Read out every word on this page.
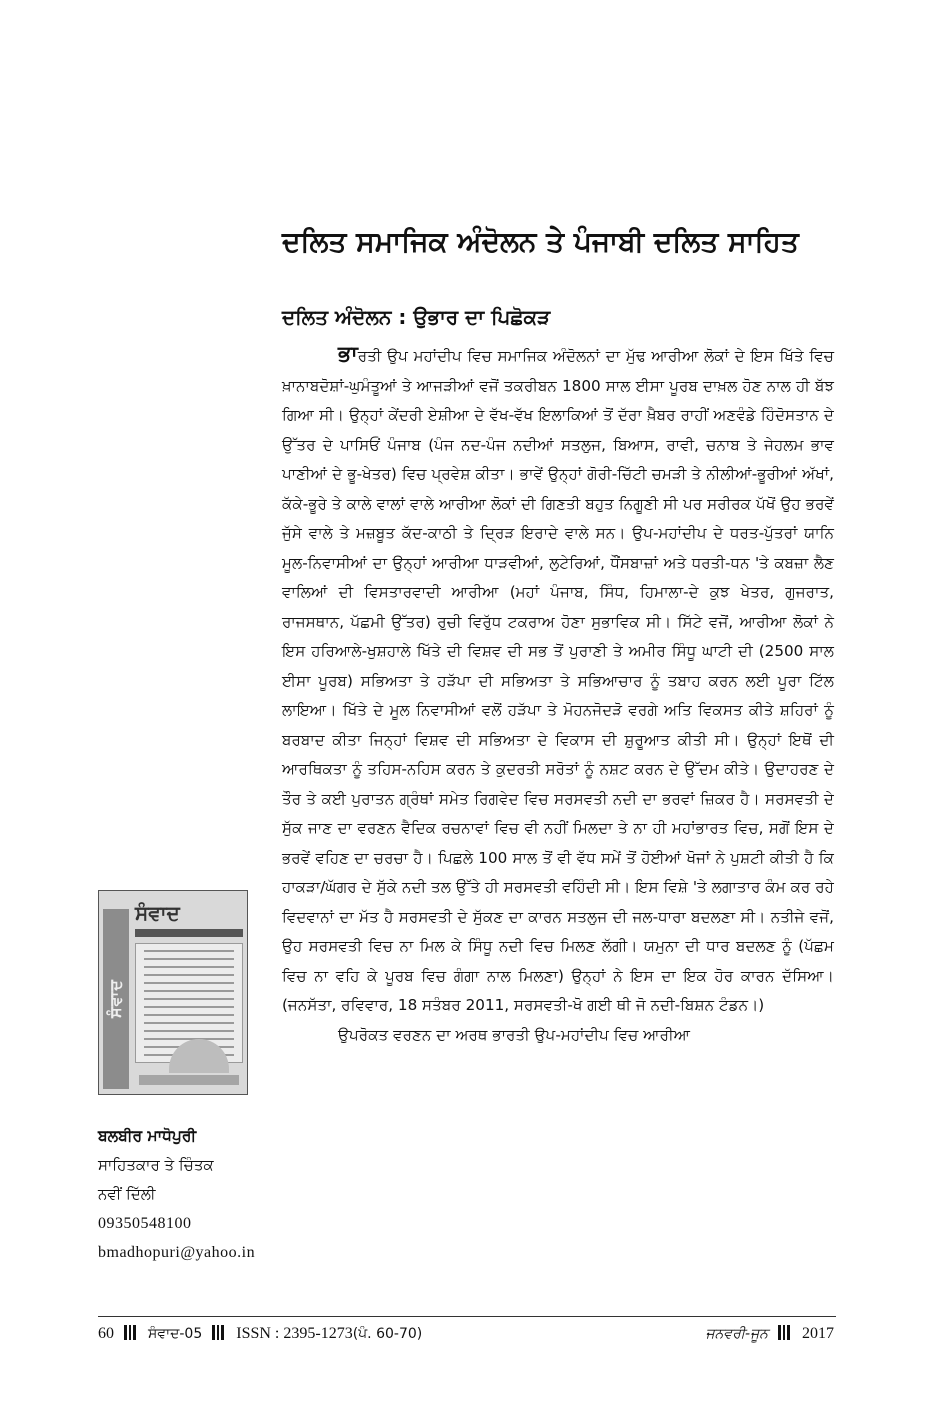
ਦਲਿਤ ਸਮਾਜਿਕ ਅੰਦੋਲਨ ਤੇ ਪੰਜਾਬੀ ਦਲਿਤ ਸਾਹਿਤ
ਦਲਿਤ ਅੰਦੋਲਨ : ਉਭਾਰ ਦਾ ਪਿਛੋਕੜ

ਭਾਰਤੀ ਉਪ ਮਹਾਂਦੀਪ ਵਿਚ ਸਮਾਜਿਕ ਅੰਦੋਲਨਾਂ ਦਾ ਮੁੱਢ ਆਰੀਆ ਲੋਕਾਂ ਦੇ ਇਸ ਖਿੱਤੇ ਵਿਚ ਖ਼ਾਨਾਬਦੋਸ਼ਾਂ-ਘੁਮੰਤੂਆਂ ਤੇ ਆਜੜੀਆਂ ਵਜੋਂ ਤਕਰੀਬਨ 1800 ਸਾਲ ਈਸਾ ਪੂਰਬ ਦਾਖ਼ਲ ਹੋਣ ਨਾਲ ਹੀ ਬੱਝ ਗਿਆ ਸੀ। ਉਨ੍ਹਾਂ ਕੇਂਦਰੀ ਏਸ਼ੀਆ ਦੇ ਵੱਖ-ਵੱਖ ਇਲਾਕਿਆਂ ਤੋਂ ਦੱਰਾ ਖ਼ੈਬਰ ਰਾਹੀਂ ਅਣਵੰਡੇ ਹਿੰਦੋਸਤਾਨ ਦੇ ਉੱਤਰ ਦੇ ਪਾਸਿਓਂ ਪੰਜਾਬ (ਪੰਜ ਨਦ-ਪੰਜ ਨਦੀਆਂ ਸਤਲੁਜ, ਬਿਆਸ, ਰਾਵੀ, ਚਨਾਬ ਤੇ ਜੇਹਲਮ ਭਾਵ ਪਾਣੀਆਂ ਦੇ ਭੂ-ਖੇਤਰ) ਵਿਚ ਪ੍ਰਵੇਸ਼ ਕੀਤਾ। ਭਾਵੇਂ ਉਨ੍ਹਾਂ ਗੋਰੀ-ਚਿੱਟੀ ਚਮੜੀ ਤੇ ਨੀਲੀਆਂ-ਭੂਰੀਆਂ ਅੱਖਾਂ, ਕੱਕੇ-ਭੂਰੇ ਤੇ ਕਾਲੇ ਵਾਲਾਂ ਵਾਲੇ ਆਰੀਆ ਲੋਕਾਂ ਦੀ ਗਿਣਤੀ ਬਹੁਤ ਨਿਗੂਣੀ ਸੀ ਪਰ ਸਰੀਰਕ ਪੱਖੋਂ ਉਹ ਭਰਵੇਂ ਜੁੱਸੇ ਵਾਲੇ ਤੇ ਮਜ਼ਬੂਤ ਕੱਦ-ਕਾਠੀ ਤੇ ਦ੍ਰਿੜ ਇਰਾਦੇ ਵਾਲੇ ਸਨ। ਉਪ-ਮਹਾਂਦੀਪ ਦੇ ਧਰਤ-ਪੁੱਤਰਾਂ ਯਾਨਿ ਮੂਲ-ਨਿਵਾਸੀਆਂ ਦਾ ਉਨ੍ਹਾਂ ਆਰੀਆ ਧਾੜਵੀਆਂ, ਲੁਟੇਰਿਆਂ, ਧੌਂਸਬਾਜ਼ਾਂ ਅਤੇ ਧਰਤੀ-ਧਨ 'ਤੇ ਕਬਜ਼ਾ ਲੈਣ ਵਾਲਿਆਂ ਦੀ ਵਿਸਤਾਰਵਾਦੀ ਆਰੀਆ (ਮਹਾਂ ਪੰਜਾਬ, ਸਿੰਧ, ਹਿਮਾਲਾ-ਦੇ ਕੁਝ ਖੇਤਰ, ਗੁਜਰਾਤ, ਰਾਜਸਥਾਨ, ਪੱਛਮੀ ਉੱਤਰ) ਰੁਚੀ ਵਿਰੁੱਧ ਟਕਰਾਅ ਹੋਣਾ ਸੁਭਾਵਿਕ ਸੀ। ਸਿੱਟੇ ਵਜੋਂ, ਆਰੀਆ ਲੋਕਾਂ ਨੇ ਇਸ ਹਰਿਆਲੇ-ਖੁਸ਼ਹਾਲੇ ਖਿੱਤੇ ਦੀ ਵਿਸ਼ਵ ਦੀ ਸਭ ਤੋਂ ਪੁਰਾਣੀ ਤੇ ਅਮੀਰ ਸਿੰਧੂ ਘਾਟੀ ਦੀ (2500 ਸਾਲ ਈਸਾ ਪੂਰਬ) ਸਭਿਅਤਾ ਤੇ ਹੜੱਪਾ ਦੀ ਸਭਿਅਤਾ ਤੇ ਸਭਿਆਚਾਰ ਨੂੰ ਤਬਾਹ ਕਰਨ ਲਈ ਪੂਰਾ ਟਿੱਲ ਲਾਇਆ। ਖਿੱਤੇ ਦੇ ਮੂਲ ਨਿਵਾਸੀਆਂ ਵਲੋਂ ਹੜੱਪਾ ਤੇ ਮੋਹਨਜੋਦੜੋ ਵਰਗੇ ਅਤਿ ਵਿਕਸਤ ਕੀਤੇ ਸ਼ਹਿਰਾਂ ਨੂੰ ਬਰਬਾਦ ਕੀਤਾ ਜਿਨ੍ਹਾਂ ਵਿਸ਼ਵ ਦੀ ਸਭਿਅਤਾ ਦੇ ਵਿਕਾਸ ਦੀ ਸ਼ੁਰੂਆਤ ਕੀਤੀ ਸੀ। ਉਨ੍ਹਾਂ ਇਥੋਂ ਦੀ ਆਰਥਿਕਤਾ ਨੂੰ ਤਹਿਸ-ਨਹਿਸ ਕਰਨ ਤੇ ਕੁਦਰਤੀ ਸਰੋਤਾਂ ਨੂੰ ਨਸ਼ਟ ਕਰਨ ਦੇ ਉੱਦਮ ਕੀਤੇ। ਉਦਾਹਰਣ ਦੇ ਤੌਰ ਤੇ ਕਈ ਪੁਰਾਤਨ ਗ੍ਰੰਥਾਂ ਸਮੇਤ ਰਿਗਵੇਦ ਵਿਚ ਸਰਸਵਤੀ ਨਦੀ ਦਾ ਭਰਵਾਂ ਜ਼ਿਕਰ ਹੈ। ਸਰਸਵਤੀ ਦੇ ਸੁੱਕ ਜਾਣ ਦਾ ਵਰਣਨ ਵੈਦਿਕ ਰਚਨਾਵਾਂ ਵਿਚ ਵੀ ਨਹੀਂ ਮਿਲਦਾ ਤੇ ਨਾ ਹੀ ਮਹਾਂਭਾਰਤ ਵਿਚ, ਸਗੋਂ ਇਸ ਦੇ ਭਰਵੇਂ ਵਹਿਣ ਦਾ ਚਰਚਾ ਹੈ। ਪਿਛਲੇ 100 ਸਾਲ ਤੋਂ ਵੀ ਵੱਧ ਸਮੇਂ ਤੋਂ ਹੋਈਆਂ ਖੋਜਾਂ ਨੇ ਪੁਸ਼ਟੀ ਕੀਤੀ ਹੈ ਕਿ ਹਾਕੜਾ/ਘੱਗਰ ਦੇ ਸੁੱਕੇ ਨਦੀ ਤਲ ਉੱਤੇ ਹੀ ਸਰਸਵਤੀ ਵਹਿੰਦੀ ਸੀ। ਇਸ ਵਿਸ਼ੇ 'ਤੇ ਲਗਾਤਾਰ ਕੰਮ ਕਰ ਰਹੇ ਵਿਦਵਾਨਾਂ ਦਾ ਮੱਤ ਹੈ ਸਰਸਵਤੀ ਦੇ ਸੁੱਕਣ ਦਾ ਕਾਰਨ ਸਤਲੁਜ ਦੀ ਜਲ-ਧਾਰਾ ਬਦਲਣਾ ਸੀ। ਨਤੀਜੇ ਵਜੋਂ, ਉਹ ਸਰਸਵਤੀ ਵਿਚ ਨਾ ਮਿਲ ਕੇ ਸਿੰਧੂ ਨਦੀ ਵਿਚ ਮਿਲਣ ਲੱਗੀ। ਯਮੁਨਾ ਦੀ ਧਾਰ ਬਦਲਣ ਨੂੰ (ਪੱਛਮ ਵਿਚ ਨਾ ਵਹਿ ਕੇ ਪੂਰਬ ਵਿਚ ਗੰਗਾ ਨਾਲ ਮਿਲਣਾ) ਉਨ੍ਹਾਂ ਨੇ ਇਸ ਦਾ ਇਕ ਹੋਰ ਕਾਰਨ ਦੱਸਿਆ। (ਜਨਸੱਤਾ, ਰਵਿਵਾਰ, 18 ਸਤੰਬਰ 2011, ਸਰਸਵਤੀ-ਖੋ ਗਈ ਥੀ ਜੋ ਨਦੀ-ਬਿਸ਼ਨ ਟੰਡਨ।)

ਉਪਰੋਕਤ ਵਰਣਨ ਦਾ ਅਰਥ ਭਾਰਤੀ ਉਪ-ਮਹਾਂਦੀਪ ਵਿਚ ਆਰੀਆ

ਸੰਵਾਦ
ਸੰਵਾਦ
ਬਲਬੀਰ ਮਾਧੋਪੁਰੀ
ਸਾਹਿਤਕਾਰ ਤੇ ਚਿੰਤਕ
ਨਵੀਂ ਦਿੱਲੀ
09350548100
bmadhopuri@yahoo.in
60 ਸੰਵਾਦ-05 ISSN : 2395-1273(ਪੰ. 60-70)	ਜਨਵਰੀ-ਜੂਨ 2017
